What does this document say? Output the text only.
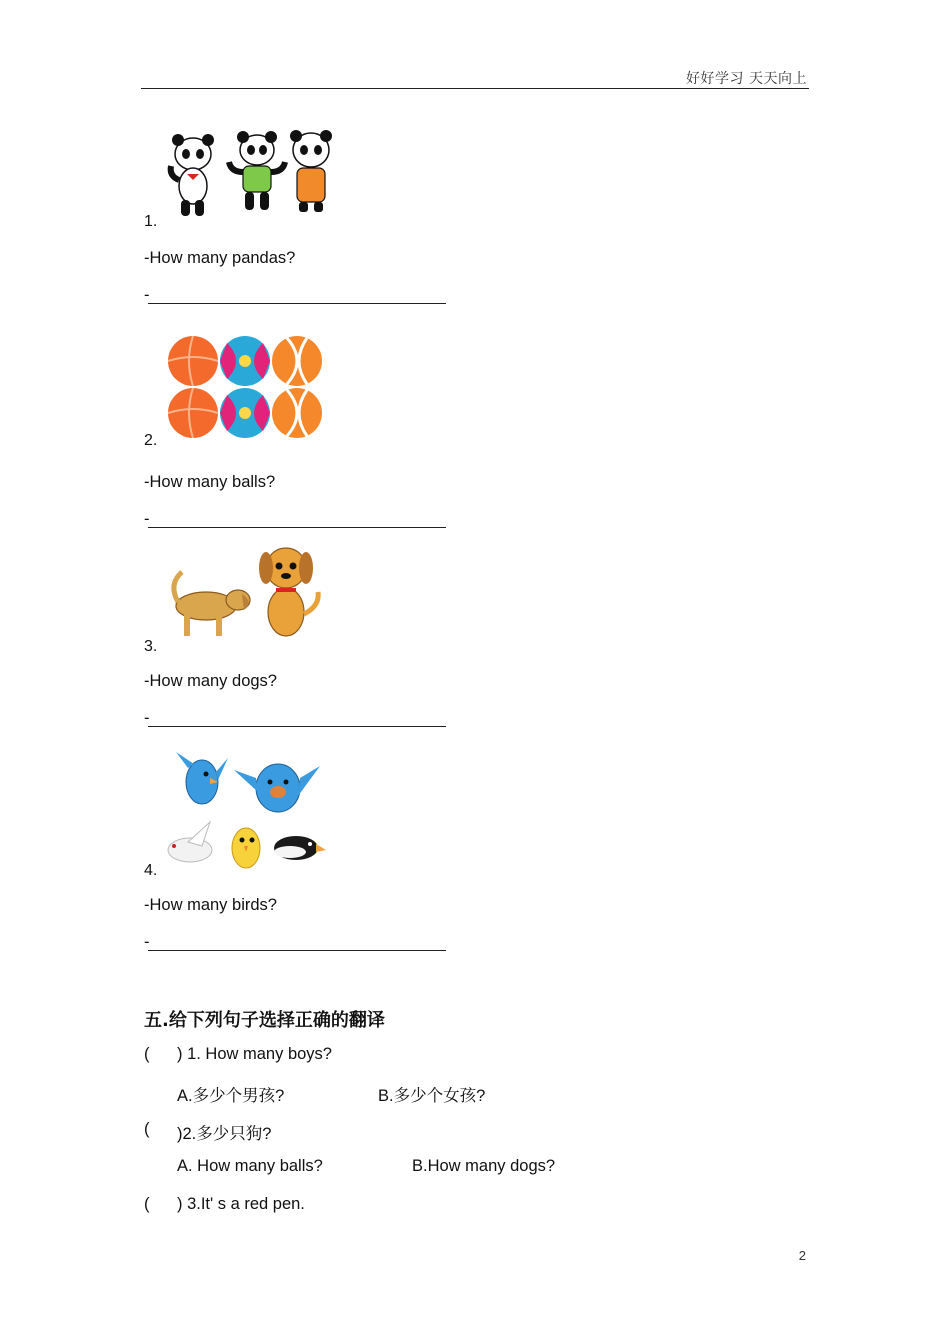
好好学习 天天向上
1.
-How many pandas?
-
2.
-How many balls?
-
3.
-How many dogs?
-
4.
-How many birds?
-
五.给下列句子选择正确的翻译
( ) 1. How many boys?
A.多少个男孩?	B.多少个女孩?
( )2.多少只狗?
A. How many balls?	B.How many dogs?
( ) 3.It' s a red pen.
2
